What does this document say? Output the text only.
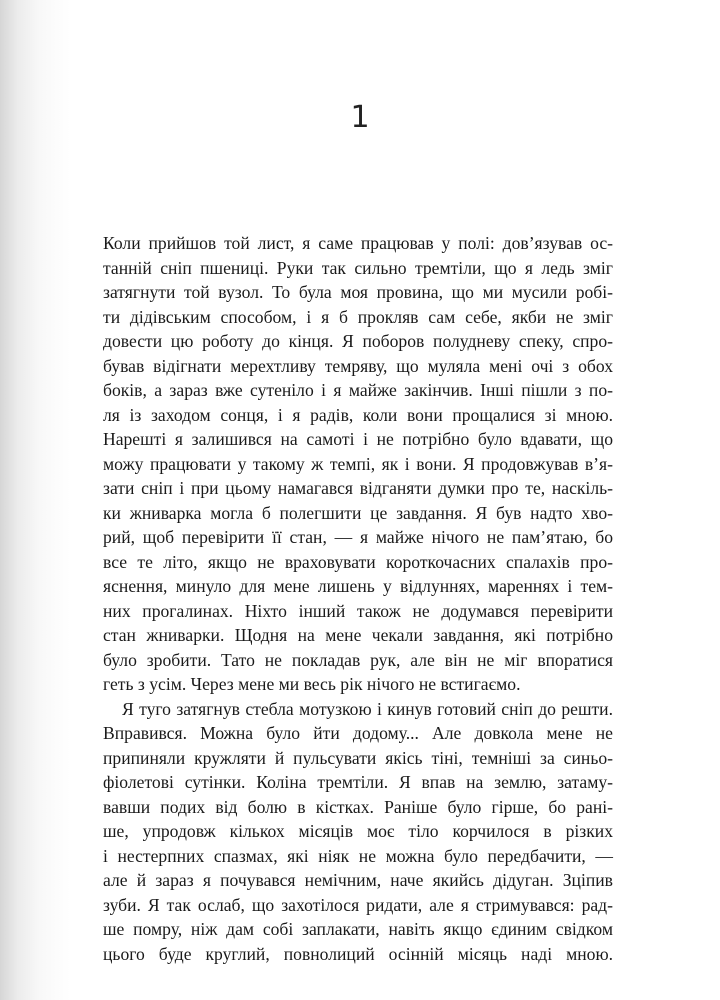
1
Коли прийшов той лист, я саме працював у полі: дов’язував ос-
танній сніп пшениці. Руки так сильно тремтіли, що я ледь зміг
затягнути той вузол. То була моя провина, що ми мусили робі-
ти дідівським способом, і я б прокляв сам себе, якби не зміг
довести цю роботу до кінця. Я поборов полудневу спеку, спро-
бував відігнати мерехтливу темряву, що муляла мені очі з обох
боків, а зараз вже сутеніло і я майже закінчив. Інші пішли з по-
ля із заходом сонця, і я радів, коли вони прощалися зі мною.
Нарешті я залишився на самоті і не потрібно було вдавати, що
можу працювати у такому ж темпі, як і вони. Я продовжував в’я-
зати сніп і при цьому намагався відганяти думки про те, наскіль-
ки жниварка могла б полегшити це завдання. Я був надто хво-
рий, щоб перевірити її стан, — я майже нічого не пам’ятаю, бо
все те літо, якщо не враховувати короткочасних спалахів про-
яснення, минуло для мене лишень у відлуннях, мареннях і тем-
них прогалинах. Ніхто інший також не додумався перевірити
стан жниварки. Щодня на мене чекали завдання, які потрібно
було зробити. Тато не покладав рук, але він не міг впоратися
геть з усім. Через мене ми весь рік нічого не встигаємо.
Я туго затягнув стебла мотузкою і кинув готовий сніп до решти.
Вправився. Можна було йти додому... Але довкола мене не
припиняли кружляти й пульсувати якісь тіні, темніші за синьо-
фіолетові сутінки. Коліна тремтіли. Я впав на землю, затаму-
вавши подих від болю в кістках. Раніше було гірше, бо рані-
ше, упродовж кількох місяців моє тіло корчилося в різких
і нестерпних спазмах, які ніяк не можна було передбачити, —
але й зараз я почувався немічним, наче якийсь дідуган. Зціпив
зуби. Я так ослаб, що захотілося ридати, але я стримувався: рад-
ше помру, ніж дам собі заплакати, навіть якщо єдиним свідком
цього буде круглий, повнолиций осінній місяць наді мною.
